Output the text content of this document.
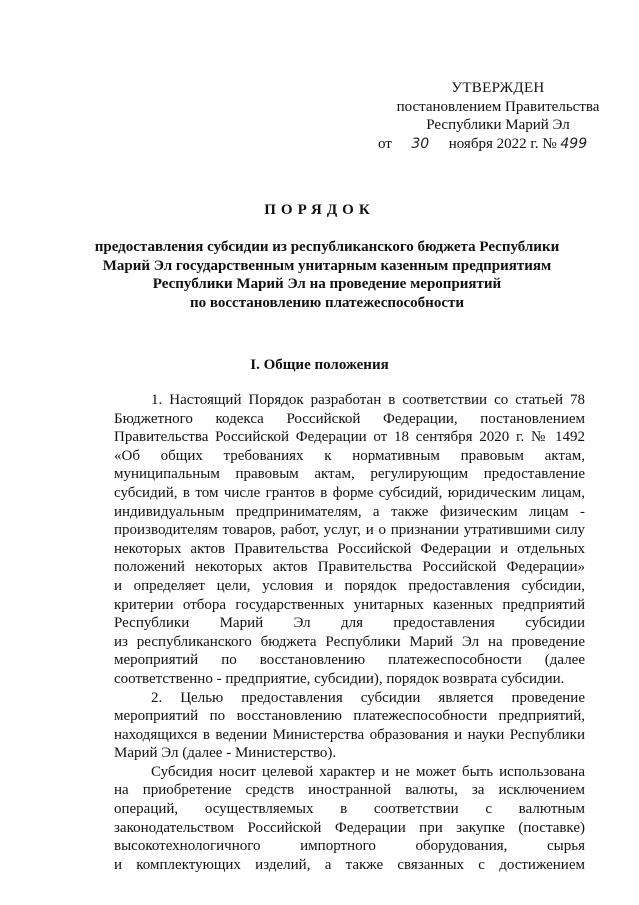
УТВЕРЖДЕН
постановлением Правительства
Республики Марий Эл
от 30 ноября 2022 г. № 499
ПОРЯДОК
предоставления субсидии из республиканского бюджета Республики
Марий Эл государственным унитарным казенным предприятиям
Республики Марий Эл на проведение мероприятий
по восстановлению платежеспособности
I. Общие положения
1. Настоящий Порядок разработан в соответствии со статьей 78
Бюджетного кодекса Российской Федерации, постановлением
Правительства Российской Федерации от 18 сентября 2020 г. № 1492
«Об общих требованиях к нормативным правовым актам,
муниципальным правовым актам, регулирующим предоставление
субсидий, в том числе грантов в форме субсидий, юридическим лицам,
индивидуальным предпринимателям, а также физическим лицам -
производителям товаров, работ, услуг, и о признании утратившими силу
некоторых актов Правительства Российской Федерации и отдельных
положений некоторых актов Правительства Российской Федерации»
и определяет цели, условия и порядок предоставления субсидии,
критерии отбора государственных унитарных казенных предприятий
Республики Марий Эл для предоставления субсидии
из республиканского бюджета Республики Марий Эл на проведение
мероприятий по восстановлению платежеспособности (далее
соответственно - предприятие, субсидии), порядок возврата субсидии.
2. Целью предоставления субсидии является проведение
мероприятий по восстановлению платежеспособности предприятий,
находящихся в ведении Министерства образования и науки Республики
Марий Эл (далее - Министерство).
Субсидия носит целевой характер и не может быть использована
на приобретение средств иностранной валюты, за исключением
операций, осуществляемых в соответствии с валютным
законодательством Российской Федерации при закупке (поставке)
высокотехнологичного импортного оборудования, сырья
и комплектующих изделий, а также связанных с достижением
